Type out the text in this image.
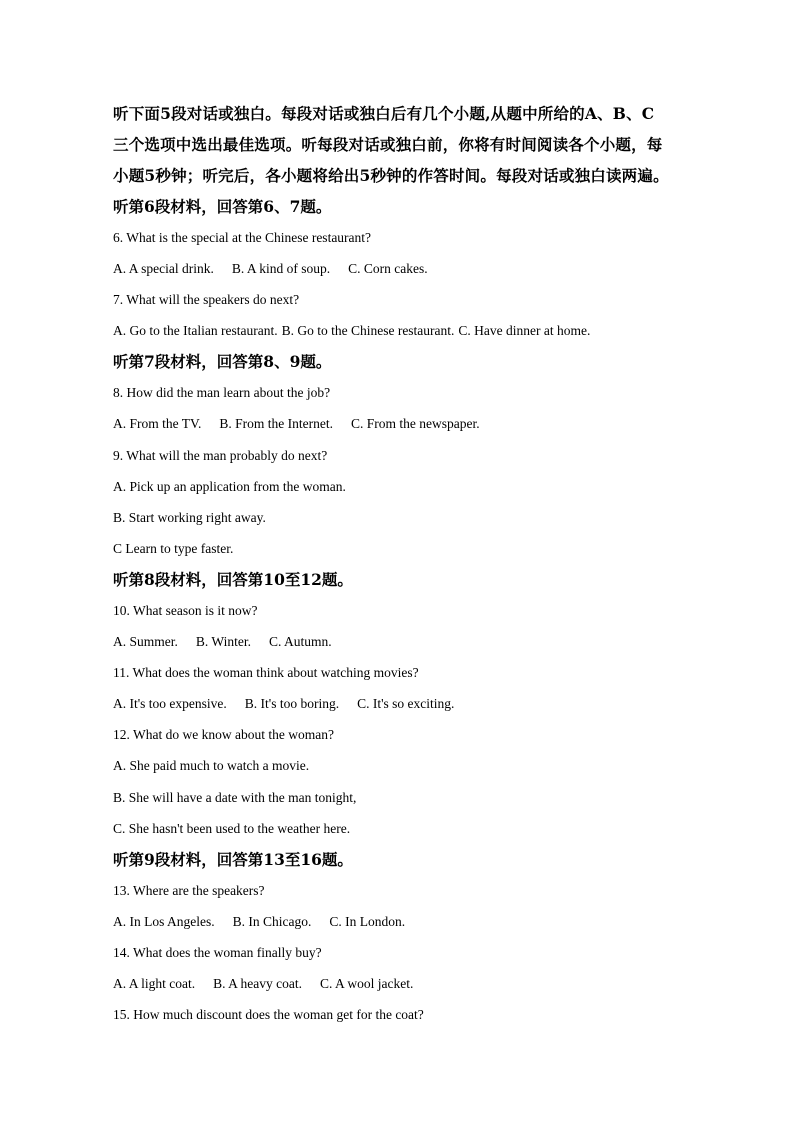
听下面5段对话或独白。每段对话或独白后有几个小题,从题中所给的A、B、C
三个选项中选出最佳选项。听每段对话或独白前，你将有时间阅读各个小题，每
小题5秒钟；听完后，各小题将给出5秒钟的作答时间。每段对话或独白读两遍。

听第6段材料，回答第6、7题。

6. What is the special at the Chinese restaurant?

A. A special drink. B. A kind of soup. C. Corn cakes.

7. What will the speakers do next?

A. Go to the Italian restaurant. B. Go to the Chinese restaurant. C. Have dinner at home.

听第7段材料，回答第8、9题。

8. How did the man learn about the job?

A. From the TV. B. From the Internet. C. From the newspaper.

9. What will the man probably do next?

A. Pick up an application from the woman.

B. Start working right away.

C Learn to type faster.

听第8段材料，回答第10至12题。

10. What season is it now?

A. Summer. B. Winter. C. Autumn.

11. What does the woman think about watching movies?

A. It's too expensive. B. It's too boring. C. It's so exciting.

12. What do we know about the woman?

A. She paid much to watch a movie.

B. She will have a date with the man tonight,

C. She hasn't been used to the weather here.

听第9段材料，回答第13至16题。

13. Where are the speakers?

A. In Los Angeles. B. In Chicago. C. In London.

14. What does the woman finally buy?

A. A light coat. B. A heavy coat. C. A wool jacket.

15. How much discount does the woman get for the coat?
